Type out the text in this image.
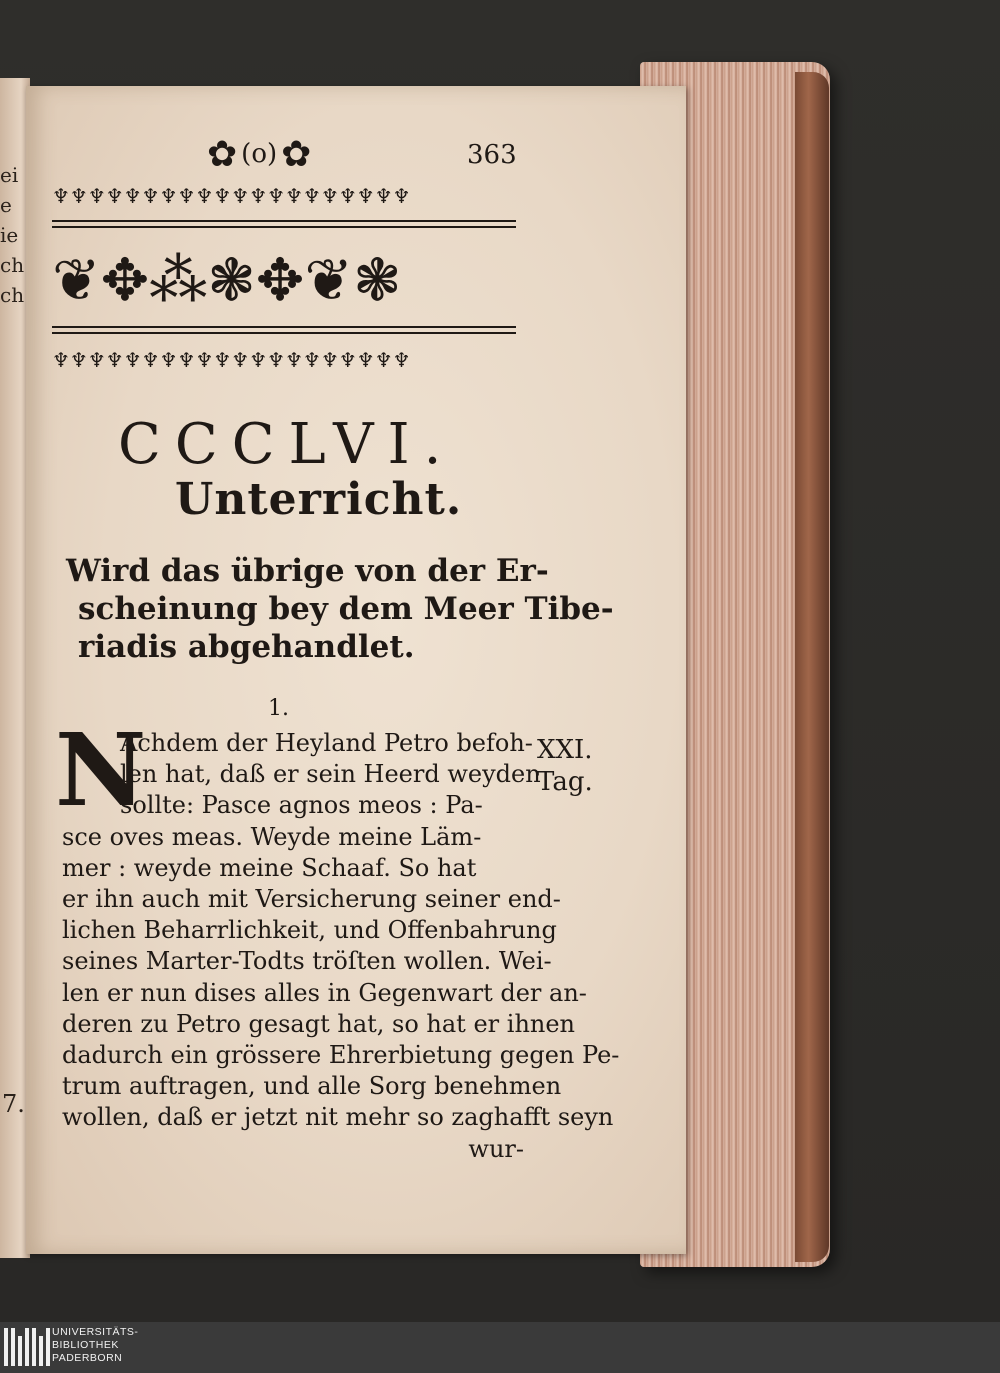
ei
e
ie
ch
ch
7.
✿ (o) ✿	363
♆♆♆♆♆♆♆♆♆♆♆♆♆♆♆♆♆♆♆♆
❦✥⁂❃✥❦❃
♆♆♆♆♆♆♆♆♆♆♆♆♆♆♆♆♆♆♆♆
CCCLVI.
Unterricht.
Wird das übrige von der Er-
scheinung bey dem Meer Tibe-
riadis abgehandlet.
1.
N
Achdem der Heyland Petro befoh-
len hat, daß er sein Heerd weyden
sollte: Pasce agnos meos : Pa-
sce oves meas. Weyde meine Läm-
mer : weyde meine Schaaf. So hat
er ihn auch mit Versicherung seiner end-
lichen Beharrlichkeit, und Offenbahrung
seines Marter-Todts tröſten wollen. Wei-
len er nun dises alles in Gegenwart der an-
deren zu Petro gesagt hat, so hat er ihnen
dadurch ein grössere Ehrerbietung gegen Pe-
trum auftragen, und alle Sorg benehmen
wollen, daß er jetzt nit mehr so zaghafft seyn
wur-
XXI.
Tag.
UNIVERSITÄTS-
BIBLIOTHEK
PADERBORN
